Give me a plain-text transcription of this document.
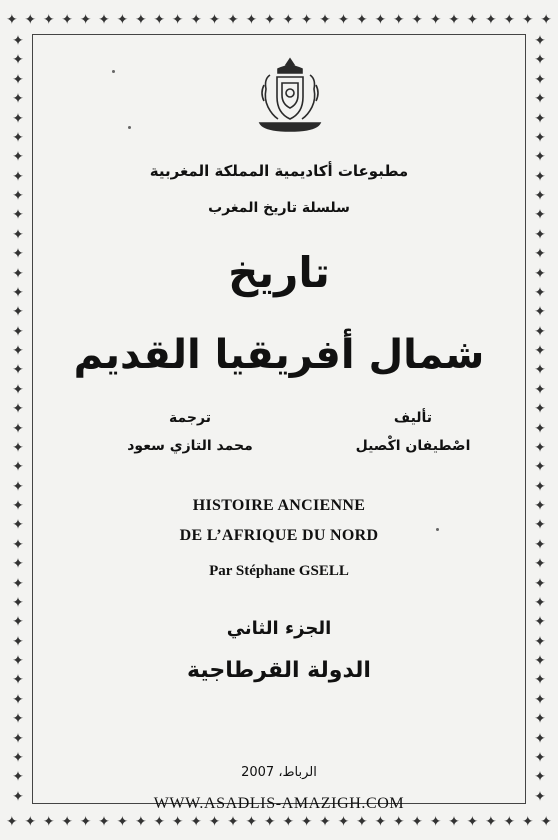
✦ ✦ ✦ ✦ ✦ ✦ ✦ ✦ ✦ ✦ ✦ ✦ ✦ ✦ ✦ ✦ ✦ ✦ ✦ ✦ ✦ ✦ ✦ ✦ ✦ ✦ ✦ ✦ ✦ ✦
✦ ✦ ✦ ✦ ✦ ✦ ✦ ✦ ✦ ✦ ✦ ✦ ✦ ✦ ✦ ✦ ✦ ✦ ✦ ✦ ✦ ✦ ✦ ✦ ✦ ✦ ✦ ✦ ✦ ✦
✦
✦
✦
✦
✦
✦
✦
✦
✦
✦
✦
✦
✦
✦
✦
✦
✦
✦
✦
✦
✦
✦
✦
✦
✦
✦
✦
✦
✦
✦
✦
✦
✦
✦
✦
✦
✦
✦
✦
✦
✦
✦
✦
✦
✦
✦
✦
✦
✦
✦
✦
✦
✦
✦
✦
✦
✦
✦
✦
✦
✦
✦
✦
✦
✦
✦
✦
✦
✦
✦
✦
✦
✦
✦
✦
✦
✦
✦
✦
✦
مطبوعات أكاديمية المملكة المغربية
سلسلة تاريخ المغرب
تاريخ
شمال أفريقيا القديم
تأليف
اصْطيفان اكْصيل
ترجمة
محمد التازي سعود
HISTOIRE ANCIENNE
DE L’AFRIQUE DU NORD
Par Stéphane GSELL
الجزء الثاني
الدولة القرطاجية
الرباط، 2007
WWW.ASADLIS-AMAZIGH.COM
